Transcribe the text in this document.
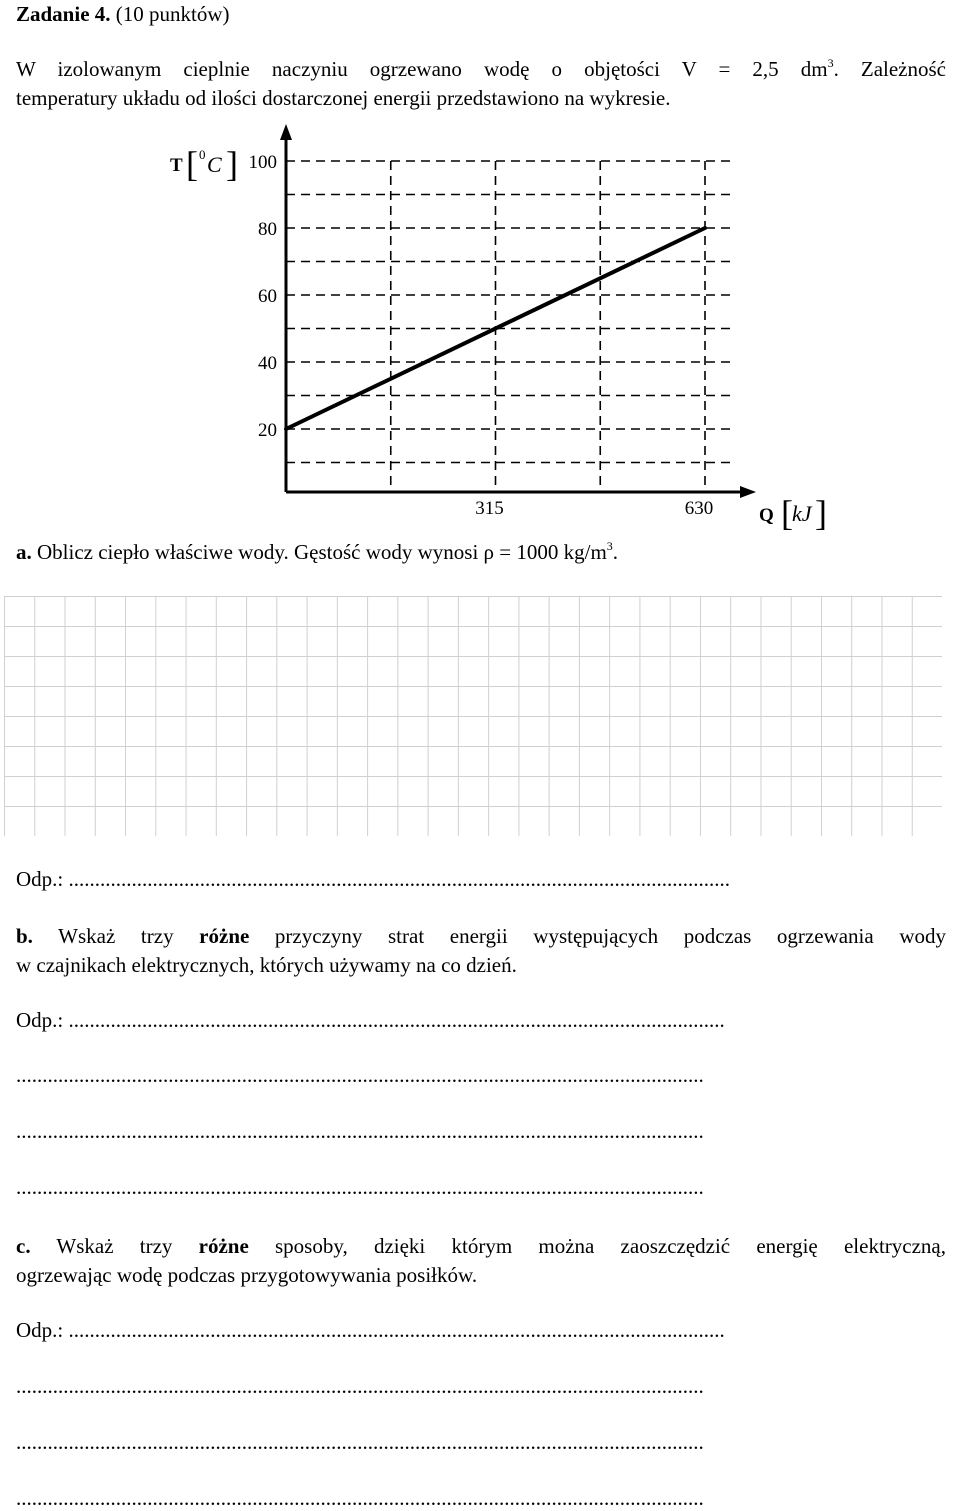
Zadanie 4. (10 punktów)
W izolowanym cieplnie naczyniu ogrzewano wodę o objętości V = 2,5 $dm^3$. Zależność
temperatury układu od ilości dostarczonej energii przedstawiono na wykresie.
20
40
60
80
100
315	630
T [ 0 C ]
Q [ kJ ]
a. Oblicz ciepło właściwe wody. Gęstość wody wynosi ρ = 1000 $kg/m^3$.
Odp.: ..............................................................................................................................
b. Wskaż trzy różne przyczyny strat energii występujących podczas ogrzewania wody
w czajnikach elektrycznych, których używamy na co dzień.
Odp.: .............................................................................................................................
...................................................................................................................................
...................................................................................................................................
...................................................................................................................................
c. Wskaż trzy różne sposoby, dzięki którym można zaoszczędzić energię elektryczną,
ogrzewając wodę podczas przygotowywania posiłków.
Odp.: .............................................................................................................................
...................................................................................................................................
...................................................................................................................................
...................................................................................................................................
